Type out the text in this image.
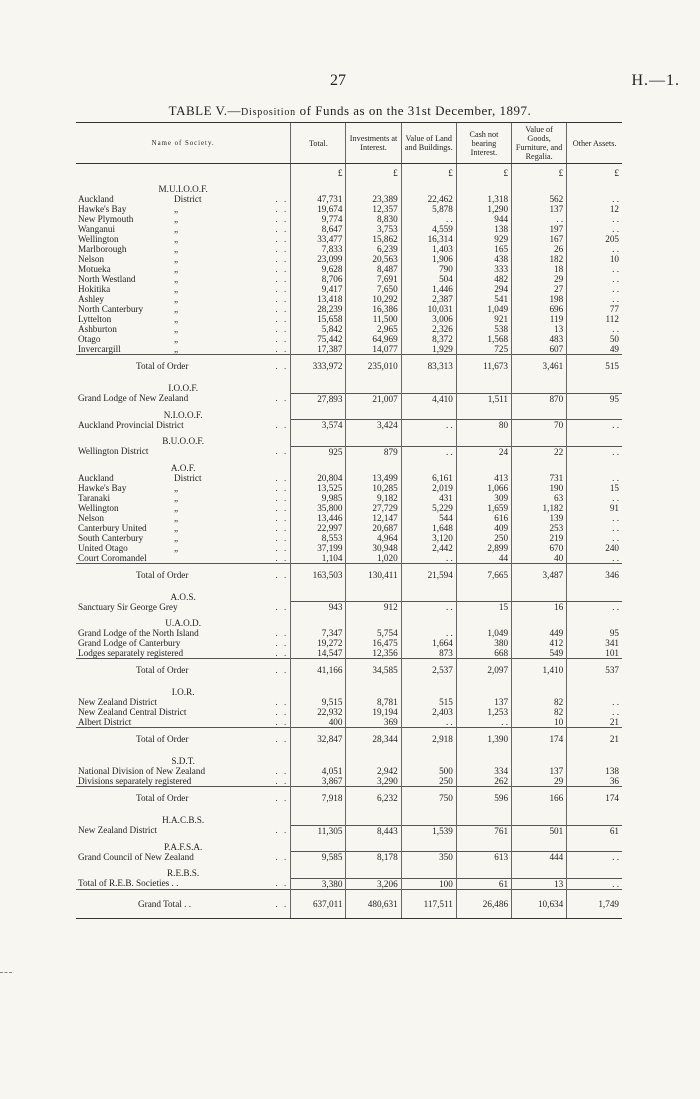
27	H.—1.
TABLE V.—Disposition of Funds as on the 31st December, 1897.
Name of Society.	Total.	Investments at Interest.	Value of Land and Buildings.	Cash not bearing Interest.	Value of Goods, Furniture, and Regalia.	Other Assets.
	£	£	£	£	£	£
M.U.I.O.O.F.						

Auckland District . .	47,731	23,389	22,462	1,318	562	. .

Hawke's Bay „ . .	19,674	12,357	5,878	1,290	137	12

New Plymouth „ . .	9,774	8,830	. .	944	. .	. .

Wanganui „ . .	8,647	3,753	4,559	138	197	. .

Wellington „ . .	33,477	15,862	16,314	929	167	205

Marlborough „ . .	7,833	6,239	1,403	165	26	. .

Nelson „ . .	23,099	20,563	1,906	438	182	10

Motueka „ . .	9,628	8,487	790	333	18	. .

North Westland „ . .	8,706	7,691	504	482	29	. .

Hokitika „ . .	9,417	7,650	1,446	294	27	. .

Ashley „ . .	13,418	10,292	2,387	541	198	. .

North Canterbury „ . .	28,239	16,386	10,031	1,049	696	77

Lyttelton „ . .	15,658	11,500	3,006	921	119	112

Ashburton „ . .	5,842	2,965	2,326	538	13	. .

Otago „ . .	75,442	64,969	8,372	1,568	483	50

Invercargill „ . .	17,387	14,077	1,929	725	607	49

Total of Order . .	333,972	235,010	83,313	11,673	3,461	515
I.O.O.F.						

Grand Lodge of New Zealand . .	27,893	21,007	4,410	1,511	870	95
N.I.O.O.F.						

Auckland Provincial District . .	3,574	3,424	. .	80	70	. .
B.U.O.O.F.						

Wellington District . .	925	879	. .	24	22	. .
A.O.F.						

Auckland District . .	20,804	13,499	6,161	413	731	. .

Hawke's Bay „ . .	13,525	10,285	2,019	1,066	190	15

Taranaki „ . .	9,985	9,182	431	309	63	. .

Wellington „ . .	35,800	27,729	5,229	1,659	1,182	91

Nelson „ . .	13,446	12,147	544	616	139	. .

Canterbury United „ . .	22,997	20,687	1,648	409	253	. .

South Canterbury „ . .	8,553	4,964	3,120	250	219	. .

United Otago „ . .	37,199	30,948	2,442	2,899	670	240

Court Coromandel . .	1,104	1,020	. .	44	40	. .

Total of Order . .	163,503	130,411	21,594	7,665	3,487	346
A.O.S.						

Sanctuary Sir George Grey . .	943	912	. .	15	16	. .
U.A.O.D.						

Grand Lodge of the North Island . .	7,347	5,754	. .	1,049	449	95

Grand Lodge of Canterbury . .	19,272	16,475	1,664	380	412	341

Lodges separately registered . .	14,547	12,356	873	668	549	101

Total of Order . .	41,166	34,585	2,537	2,097	1,410	537
I.O.R.						

New Zealand District . .	9,515	8,781	515	137	82	. .

New Zealand Central District . .	22,932	19,194	2,403	1,253	82	. .

Albert District . .	400	369	. .	. .	10	21

Total of Order . .	32,847	28,344	2,918	1,390	174	21
S.D.T.						

National Division of New Zealand . .	4,051	2,942	500	334	137	138

Divisions separately registered . .	3,867	3,290	250	262	29	36

Total of Order . .	7,918	6,232	750	596	166	174
H.A.C.B.S.						

New Zealand District . .	11,305	8,443	1,539	761	501	61
P.A.F.S.A.						

Grand Council of New Zealand . .	9,585	8,178	350	613	444	. .
R.E.B.S.						

Total of R.E.B. Societies . . . .	3,380	3,206	100	61	13	. .

Grand Total . . . .	637,011	480,631	117,511	26,486	10,634	1,749
